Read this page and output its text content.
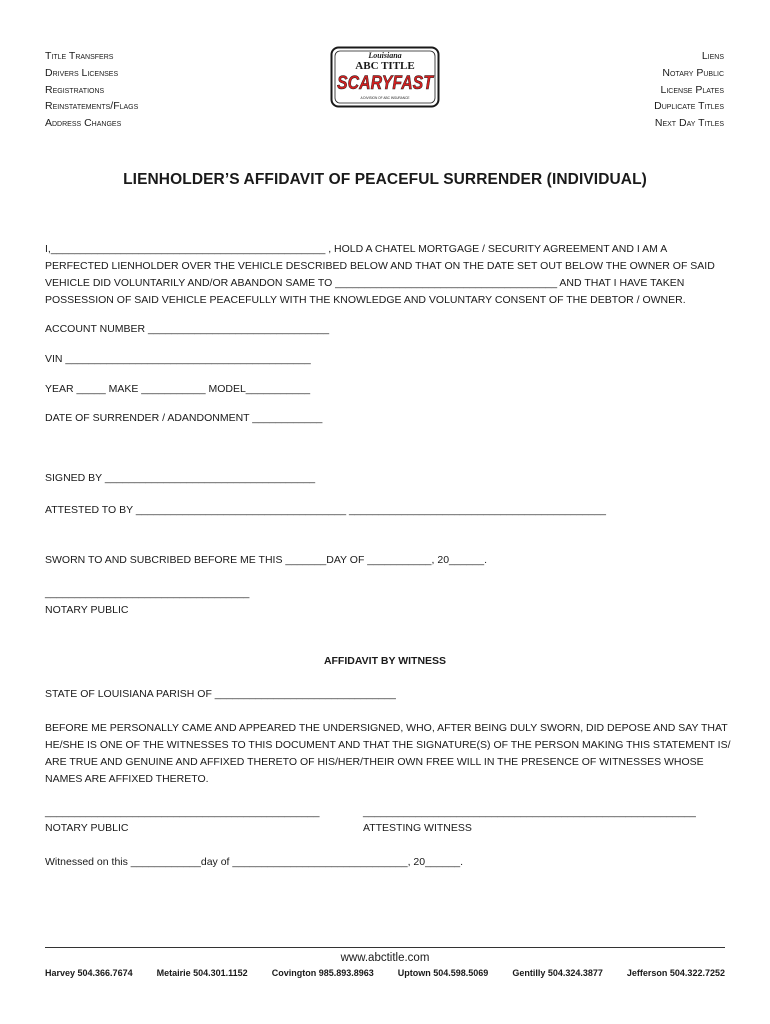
Title Transfers
Drivers Licenses
Registrations
Reinstatements/Flags
Address Changes
Liens
Notary Public
License Plates
Duplicate Titles
Next Day Titles
Louisiana
ABC TITLE
SCARYFAST
A DIVISION OF ABC INSURANCE
LIENHOLDER’S AFFIDAVIT OF PEACEFUL SURRENDER (INDIVIDUAL)
I,_______________________________________________ , HOLD A CHATEL MORTGAGE / SECURITY AGREEMENT AND I AM A
PERFECTED LIENHOLDER OVER THE VEHICLE DESCRIBED BELOW AND THAT ON THE DATE SET OUT BELOW THE OWNER OF SAID
VEHICLE DID VOLUNTARILY AND/OR ABANDON SAME TO ______________________________________ AND THAT I HAVE TAKEN
POSSESSION OF SAID VEHICLE PEACEFULLY WITH THE KNOWLEDGE AND VOLUNTARY CONSENT OF THE DEBTOR / OWNER.
ACCOUNT NUMBER _______________________________
VIN __________________________________________
YEAR _____ MAKE ___________ MODEL___________
DATE OF SURRENDER / ADANDONMENT ____________
SIGNED BY ____________________________________
ATTESTED TO BY ____________________________________ ____________________________________________
SWORN TO AND SUBCRIBED BEFORE ME THIS _______DAY OF ___________, 20______.
___________________________________
NOTARY PUBLIC
AFFIDAVIT BY WITNESS
STATE OF LOUISIANA PARISH OF _______________________________
BEFORE ME PERSONALLY CAME AND APPEARED THE UNDERSIGNED, WHO, AFTER BEING DULY SWORN, DID DEPOSE AND SAY THAT
HE/SHE IS ONE OF THE WITNESSES TO THIS DOCUMENT AND THAT THE SIGNATURE(S) OF THE PERSON MAKING THIS STATEMENT IS/
ARE TRUE AND GENUINE AND AFFIXED THERETO OF HIS/HER/THEIR OWN FREE WILL IN THE PRESENCE OF WITNESSES WHOSE
NAMES ARE AFFIXED THERETO.
_______________________________________________	_________________________________________________________
NOTARY PUBLIC	ATTESTING WITNESS
Witnessed on this ____________day of ______________________________, 20______.
www.abctitle.com
Harvey 504.366.7674	Metairie 504.301.1152	Covington 985.893.8963	Uptown 504.598.5069	Gentilly 504.324.3877	Jefferson 504.322.7252
